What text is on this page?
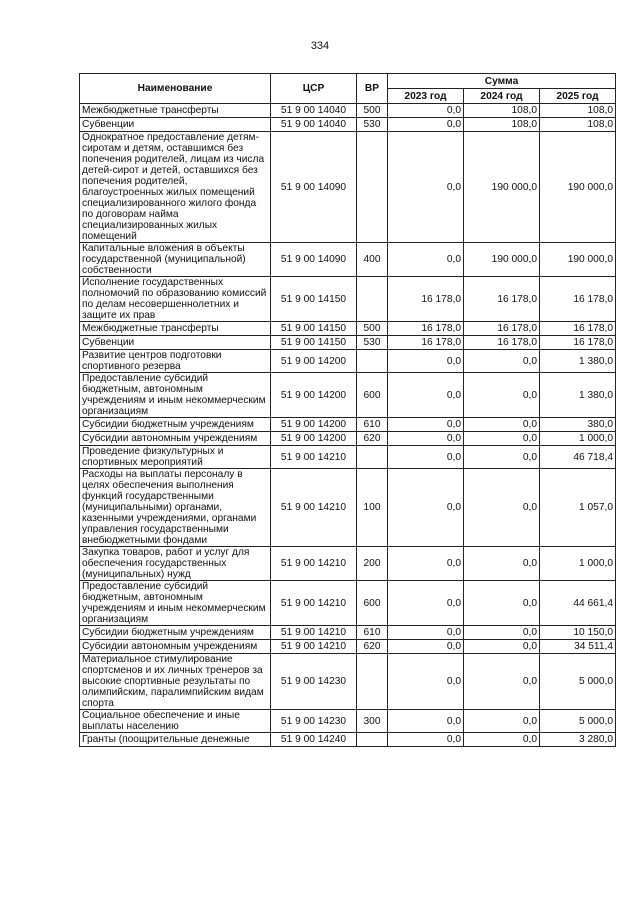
334
Наименование	ЦСР	ВР	Сумма		
			2023 год	2024 год	2025 год
Межбюджетные трансферты	51 9 00 14040	500	0,0	108,0	108,0
Субвенции	51 9 00 14040	530	0,0	108,0	108,0
Однократное предоставление детям-сиротам и детям, оставшимся без попечения родителей, лицам из числа детей-сирот и детей, оставшихся без попечения родителей, благоустроенных жилых помещений специализированного жилого фонда по договорам найма специализированных жилых помещений	51 9 00 14090		0,0	190 000,0	190 000,0
Капитальные вложения в объекты государственной (муниципальной) собственности	51 9 00 14090	400	0,0	190 000,0	190 000,0
Исполнение государственных полномочий по образованию комиссий по делам несовершеннолетних и защите их прав	51 9 00 14150		16 178,0	16 178,0	16 178,0
Межбюджетные трансферты	51 9 00 14150	500	16 178,0	16 178,0	16 178,0
Субвенции	51 9 00 14150	530	16 178,0	16 178,0	16 178,0
Развитие центров подготовки спортивного резерва	51 9 00 14200		0,0	0,0	1 380,0
Предоставление субсидий бюджетным, автономным учреждениям и иным некоммерческим организациям	51 9 00 14200	600	0,0	0,0	1 380,0
Субсидии бюджетным учреждениям	51 9 00 14200	610	0,0	0,0	380,0
Субсидии автономным учреждениям	51 9 00 14200	620	0,0	0,0	1 000,0
Проведение физкультурных и спортивных мероприятий	51 9 00 14210		0,0	0,0	46 718,4
Расходы на выплаты персоналу в целях обеспечения выполнения функций государственными (муниципальными) органами, казенными учреждениями, органами управления государственными внебюджетными фондами	51 9 00 14210	100	0,0	0,0	1 057,0
Закупка товаров, работ и услуг для обеспечения государственных (муниципальных) нужд	51 9 00 14210	200	0,0	0,0	1 000,0
Предоставление субсидий бюджетным, автономным учреждениям и иным некоммерческим организациям	51 9 00 14210	600	0,0	0,0	44 661,4
Субсидии бюджетным учреждениям	51 9 00 14210	610	0,0	0,0	10 150,0
Субсидии автономным учреждениям	51 9 00 14210	620	0,0	0,0	34 511,4
Материальное стимулирование спортсменов и их личных тренеров за высокие спортивные результаты по олимпийским, паралимпийским видам спорта	51 9 00 14230		0,0	0,0	5 000,0
Социальное обеспечение и иные выплаты населению	51 9 00 14230	300	0,0	0,0	5 000,0
Гранты (поощрительные денежные	51 9 00 14240		0,0	0,0	3 280,0
